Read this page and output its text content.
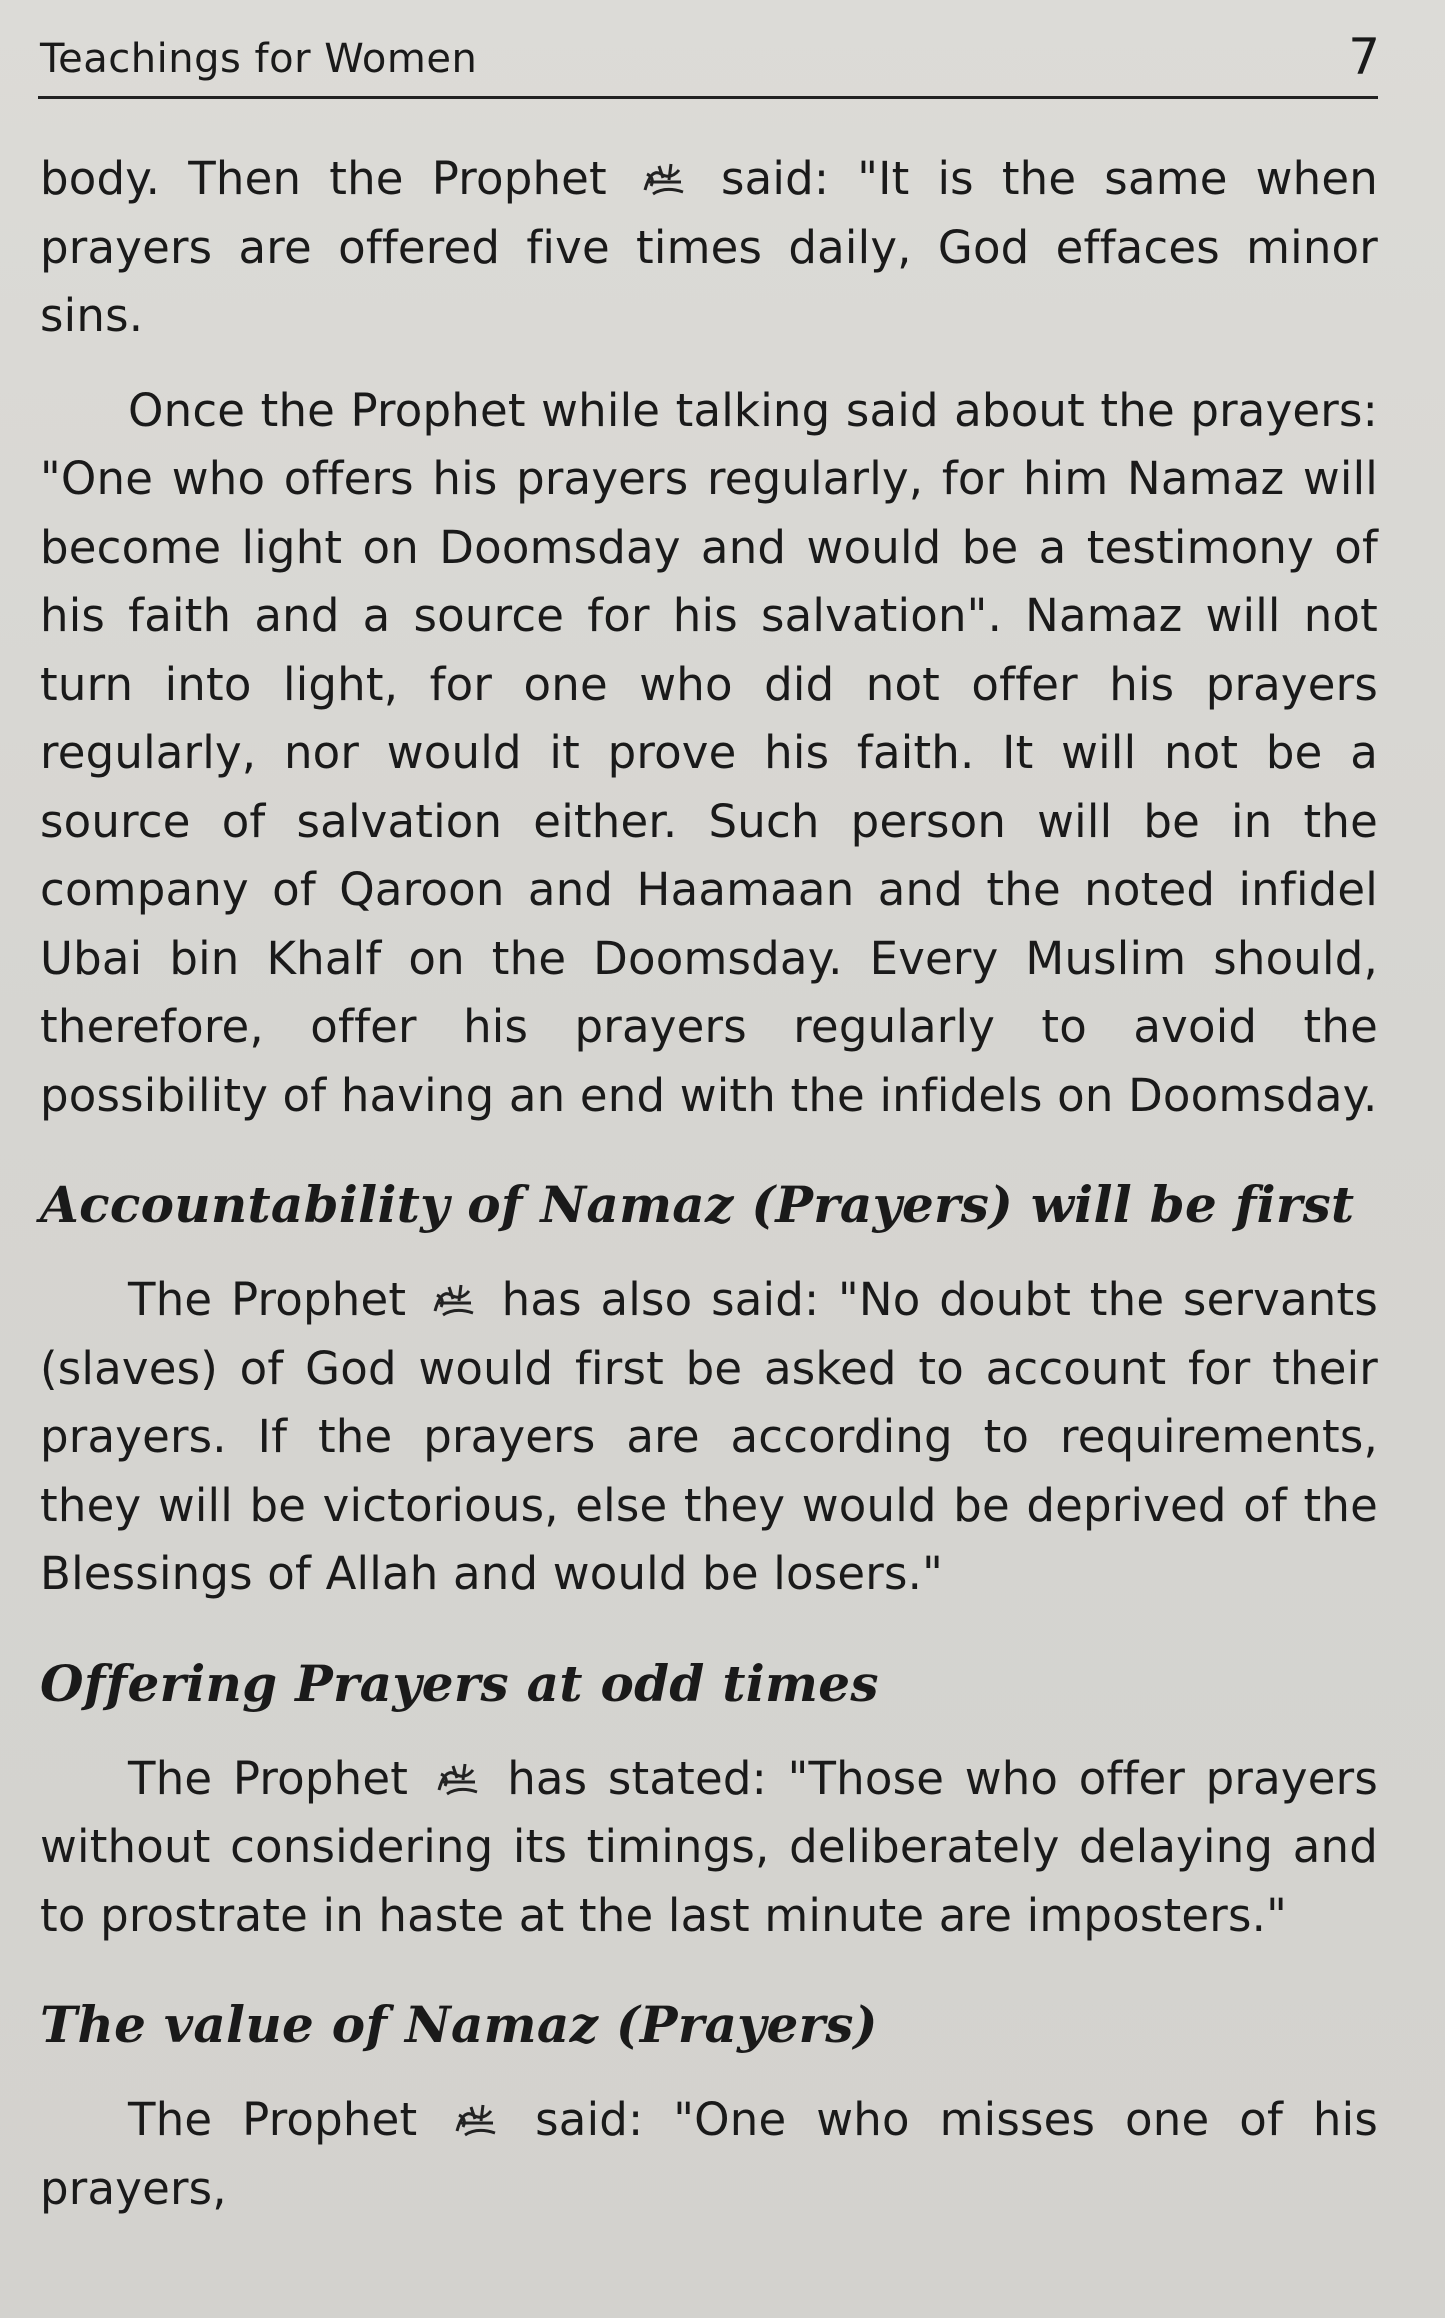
Teachings for Women	7

body. Then the Prophet	said: "It is the same when prayers are offered five times daily, God effaces minor sins.

Once the Prophet while talking said about the prayers: "One who offers his prayers regularly, for him Namaz will become light on Doomsday and would be a testimony of his faith and a source for his salvation". Namaz will not turn into light, for one who did not offer his prayers regularly, nor would it prove his faith. It will not be a source of salvation either. Such person will be in the company of Qaroon and Haamaan and the noted infidel Ubai bin Khalf on the Doomsday. Every Muslim should, therefore, offer his prayers regularly to avoid the possibility of having an end with the infidels on Doomsday.

Accountability of Namaz (Prayers) will be first

The Prophet has also said: "No doubt the servants (slaves) of God would first be asked to account for their prayers. If the prayers are according to requirements, they will be victorious, else they would be deprived of the Blessings of Allah and would be losers."

Offering Prayers at odd times

The Prophet has stated: "Those who offer prayers without considering its timings, deliberately delaying and to prostrate in haste at the last minute are imposters."

The value of Namaz (Prayers)

The Prophet	said: "One who misses one of his prayers,
